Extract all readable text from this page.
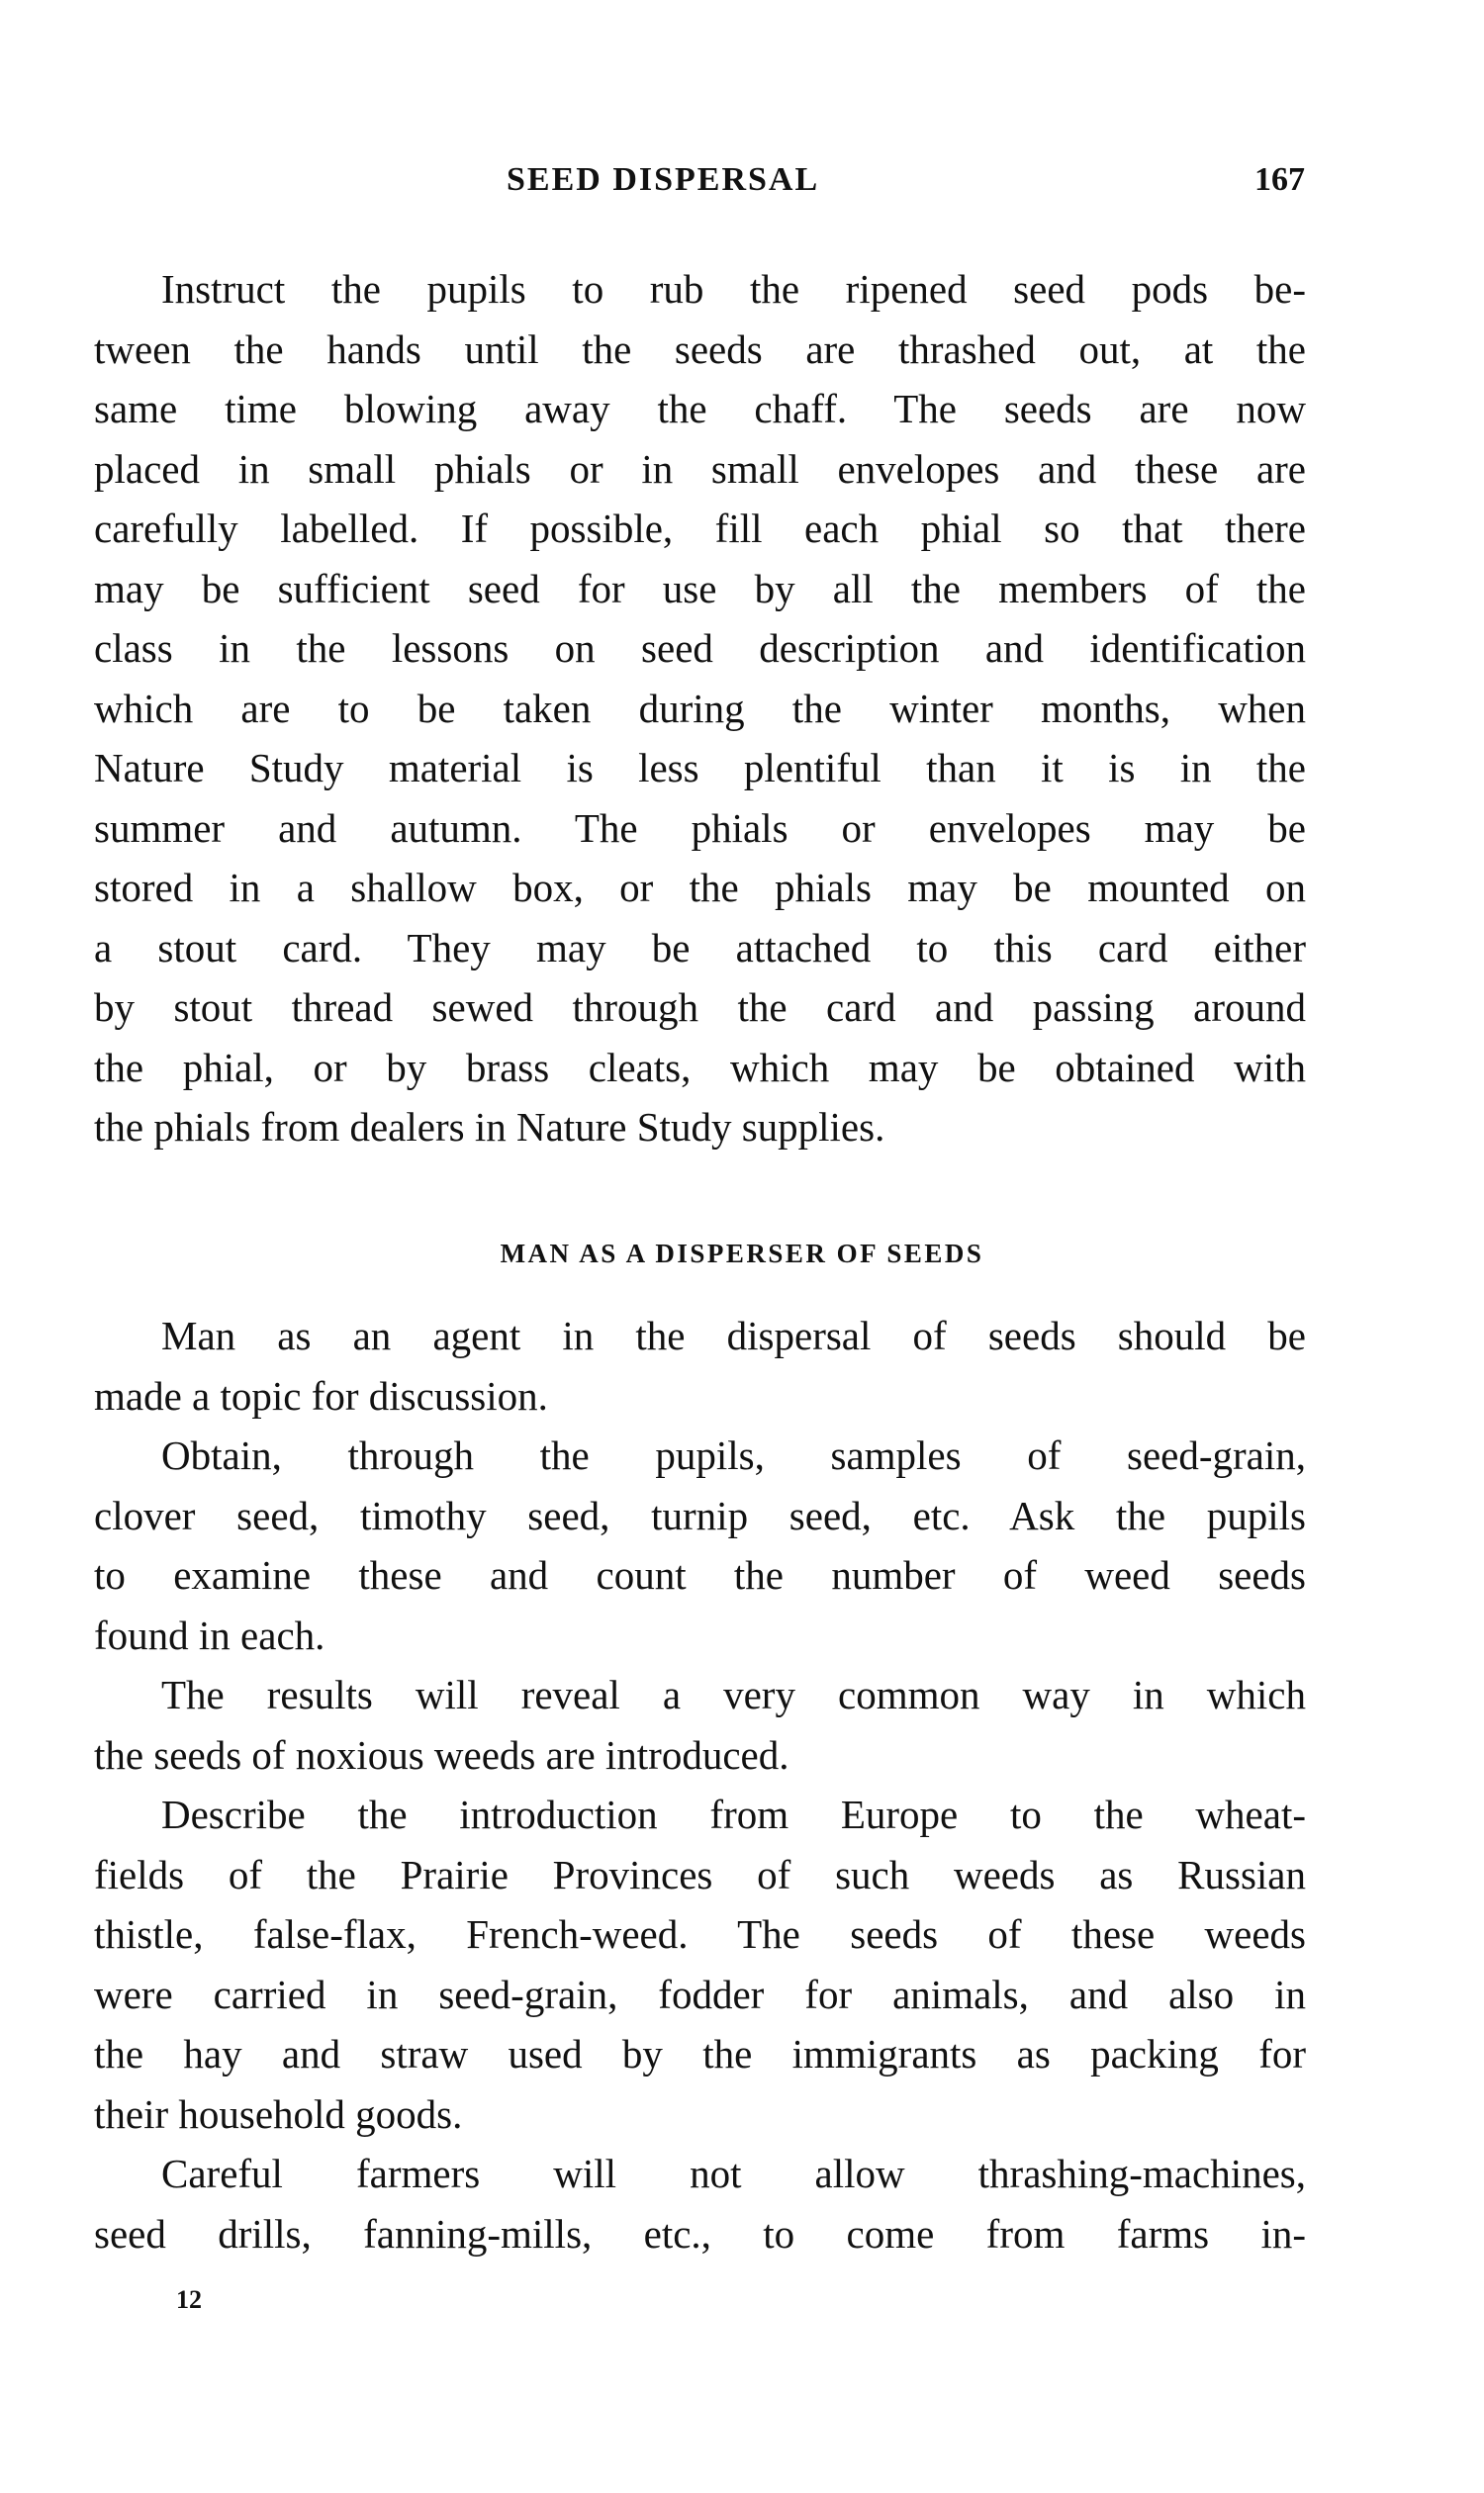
SEED DISPERSAL	167
Instruct the pupils to rub the ripened seed pods be-
tween the hands until the seeds are thrashed out, at the
same time blowing away the chaff. The seeds are now
placed in small phials or in small envelopes and these are
carefully labelled. If possible, fill each phial so that there
may be sufficient seed for use by all the members of the
class in the lessons on seed description and identification
which are to be taken during the winter months, when
Nature Study material is less plentiful than it is in the
summer and autumn. The phials or envelopes may be
stored in a shallow box, or the phials may be mounted on
a stout card. They may be attached to this card either
by stout thread sewed through the card and passing around
the phial, or by brass cleats, which may be obtained with
the phials from dealers in Nature Study supplies.
MAN AS A DISPERSER OF SEEDS
Man as an agent in the dispersal of seeds should be
made a topic for discussion.
Obtain, through the pupils, samples of seed-grain,
clover seed, timothy seed, turnip seed, etc. Ask the pupils
to examine these and count the number of weed seeds
found in each.
The results will reveal a very common way in which
the seeds of noxious weeds are introduced.
Describe the introduction from Europe to the wheat-
fields of the Prairie Provinces of such weeds as Russian
thistle, false-flax, French-weed. The seeds of these weeds
were carried in seed-grain, fodder for animals, and also in
the hay and straw used by the immigrants as packing for
their household goods.
Careful farmers will not allow thrashing-machines,
seed drills, fanning-mills, etc., to come from farms in-
12
